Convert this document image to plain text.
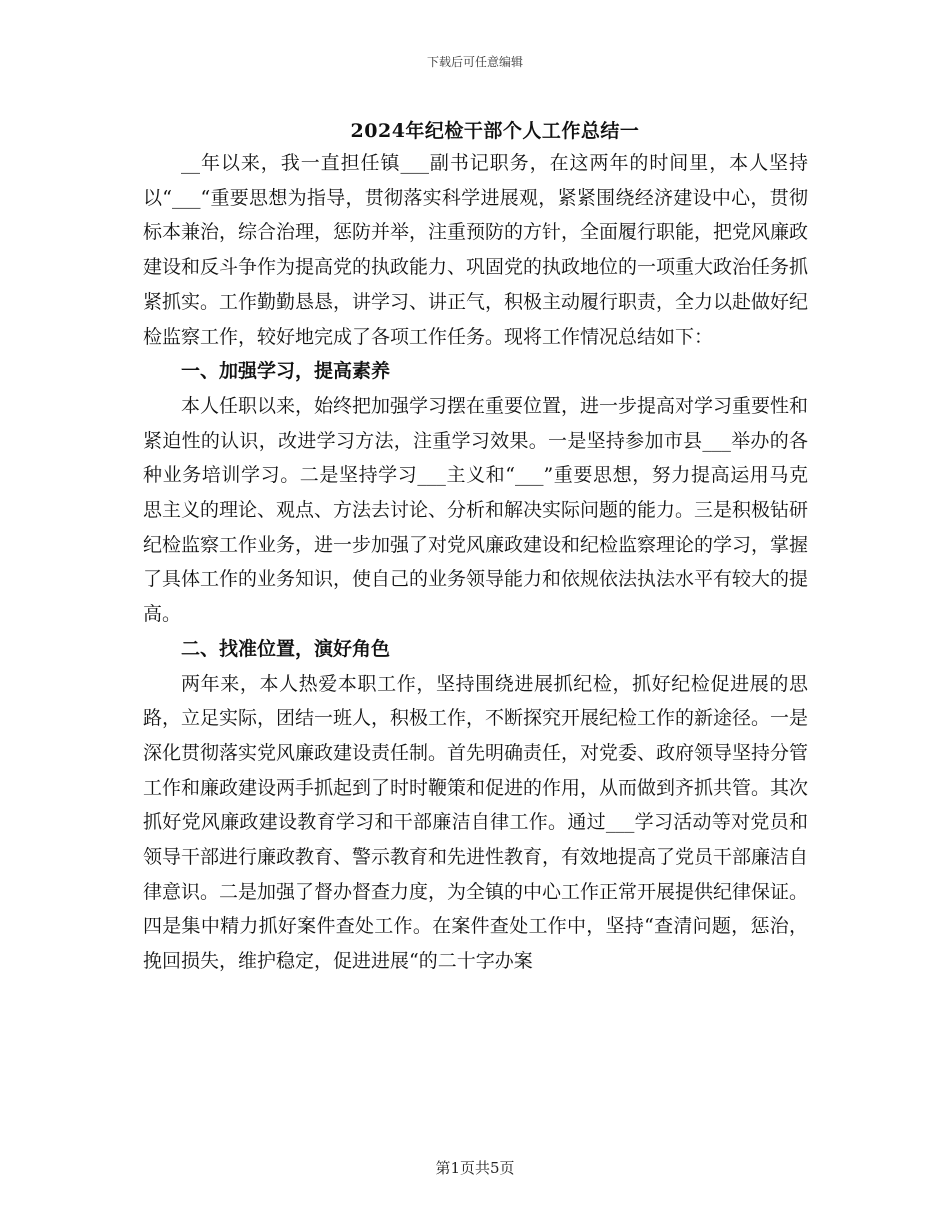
下载后可任意编辑
2024年纪检干部个人工作总结一

__年以来，我一直担任镇___副书记职务，在这两年的时间里，本人坚持以“___“重要思想为指导，贯彻落实科学进展观，紧紧围绕经济建设中心，贯彻标本兼治，综合治理，惩防并举，注重预防的方针，全面履行职能，把党风廉政建设和反斗争作为提高党的执政能力、巩固党的执政地位的一项重大政治任务抓紧抓实。工作勤勤恳恳，讲学习、讲正气，积极主动履行职责，全力以赴做好纪检监察工作，较好地完成了各项工作任务。现将工作情况总结如下：

一、加强学习，提高素养

本人任职以来，始终把加强学习摆在重要位置，进一步提高对学习重要性和紧迫性的认识，改进学习方法，注重学习效果。一是坚持参加市县___举办的各种业务培训学习。二是坚持学习___主义和“___”重要思想，努力提高运用马克思主义的理论、观点、方法去讨论、分析和解决实际问题的能力。三是积极钻研纪检监察工作业务，进一步加强了对党风廉政建设和纪检监察理论的学习，掌握了具体工作的业务知识，使自己的业务领导能力和依规依法执法水平有较大的提高。

二、找准位置，演好角色

两年来，本人热爱本职工作，坚持围绕进展抓纪检，抓好纪检促进展的思路，立足实际，团结一班人，积极工作，不断探究开展纪检工作的新途径。一是深化贯彻落实党风廉政建设责任制。首先明确责任，对党委、政府领导坚持分管工作和廉政建设两手抓起到了时时鞭策和促进的作用，从而做到齐抓共管。其次抓好党风廉政建设教育学习和干部廉洁自律工作。通过___学习活动等对党员和领导干部进行廉政教育、警示教育和先进性教育，有效地提高了党员干部廉洁自律意识。二是加强了督办督查力度，为全镇的中心工作正常开展提供纪律保证。四是集中精力抓好案件查处工作。在案件查处工作中，坚持“查清问题，惩治，挽回损失，维护稳定，促进进展“的二十字办案

第1页共5页
